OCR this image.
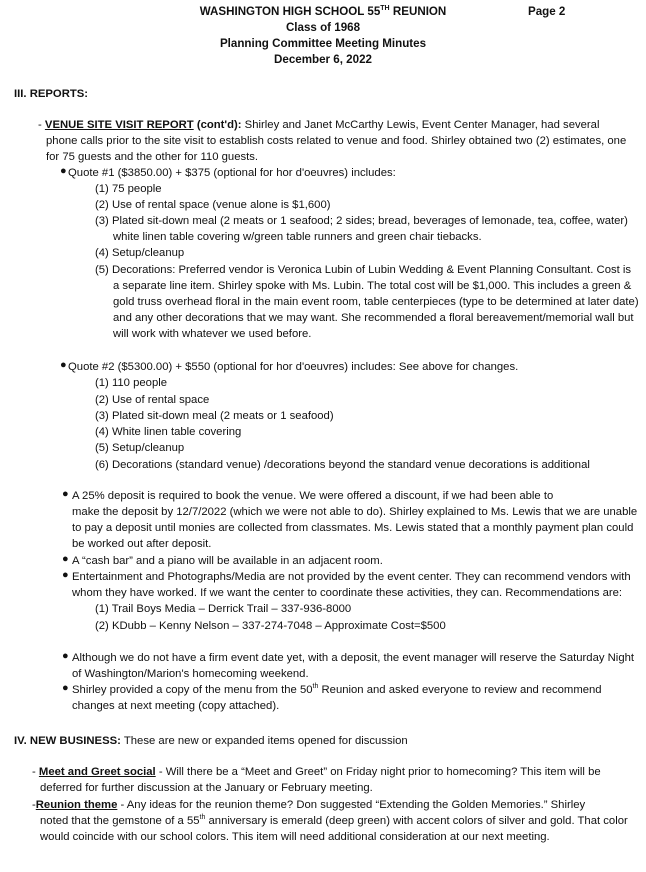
WASHINGTON HIGH SCHOOL 55TH REUNION
Class of 1968
Planning Committee Meeting Minutes
December 6, 2022
Page 2
III. REPORTS:
- VENUE SITE VISIT REPORT (cont'd): Shirley and Janet McCarthy Lewis, Event Center Manager, had several phone calls prior to the site visit to establish costs related to venue and food. Shirley obtained two (2) estimates, one for 75 guests and the other for 110 guests.
● Quote #1 ($3850.00) + $375 (optional for hor d'oeuvres) includes:
(1) 75 people
(2) Use of rental space (venue alone is $1,600)
(3) Plated sit-down meal (2 meats or 1 seafood; 2 sides; bread, beverages of lemonade, tea, coffee, water)
white linen table covering w/green table runners and green chair tiebacks.
(4) Setup/cleanup
(5) Decorations: Preferred vendor is Veronica Lubin of Lubin Wedding & Event Planning Consultant. Cost is
a separate line item. Shirley spoke with Ms. Lubin. The total cost will be $1,000. This includes a green &
gold truss overhead floral in the main event room, table centerpieces (type to be determined at later date)
and any other decorations that we may want. She recommended a floral bereavement/memorial wall but
will work with whatever we used before.
● Quote #2 ($5300.00) + $550 (optional for hor d'oeuvres) includes: See above for changes.
(1) 110 people
(2) Use of rental space
(3) Plated sit-down meal (2 meats or 1 seafood)
(4) White linen table covering
(5) Setup/cleanup
(6) Decorations (standard venue) /decorations beyond the standard venue decorations is additional
● A 25% deposit is required to book the venue. We were offered a discount, if we had been able to
make the deposit by 12/7/2022 (which we were not able to do). Shirley explained to Ms. Lewis that we are unable
to pay a deposit until monies are collected from classmates. Ms. Lewis stated that a monthly payment plan could
be worked out after deposit.
● A “cash bar” and a piano will be available in an adjacent room.
● Entertainment and Photographs/Media are not provided by the event center. They can recommend vendors with
whom they have worked. If we want the center to coordinate these activities, they can. Recommendations are:
(1) Trail Boys Media – Derrick Trail – 337-936-8000
(2) KDubb – Kenny Nelson – 337-274-7048 – Approximate Cost=$500
● Although we do not have a firm event date yet, with a deposit, the event manager will reserve the Saturday Night
of Washington/Marion's homecoming weekend.
● Shirley provided a copy of the menu from the 50th Reunion and asked everyone to review and recommend
changes at next meeting (copy attached).
IV. NEW BUSINESS: These are new or expanded items opened for discussion
- Meet and Greet social - Will there be a “Meet and Greet” on Friday night prior to homecoming? This item will be
deferred for further discussion at the January or February meeting.
-Reunion theme - Any ideas for the reunion theme? Don suggested “Extending the Golden Memories.” Shirley
noted that the gemstone of a 55th anniversary is emerald (deep green) with accent colors of silver and gold. That color
would coincide with our school colors. This item will need additional consideration at our next meeting.
